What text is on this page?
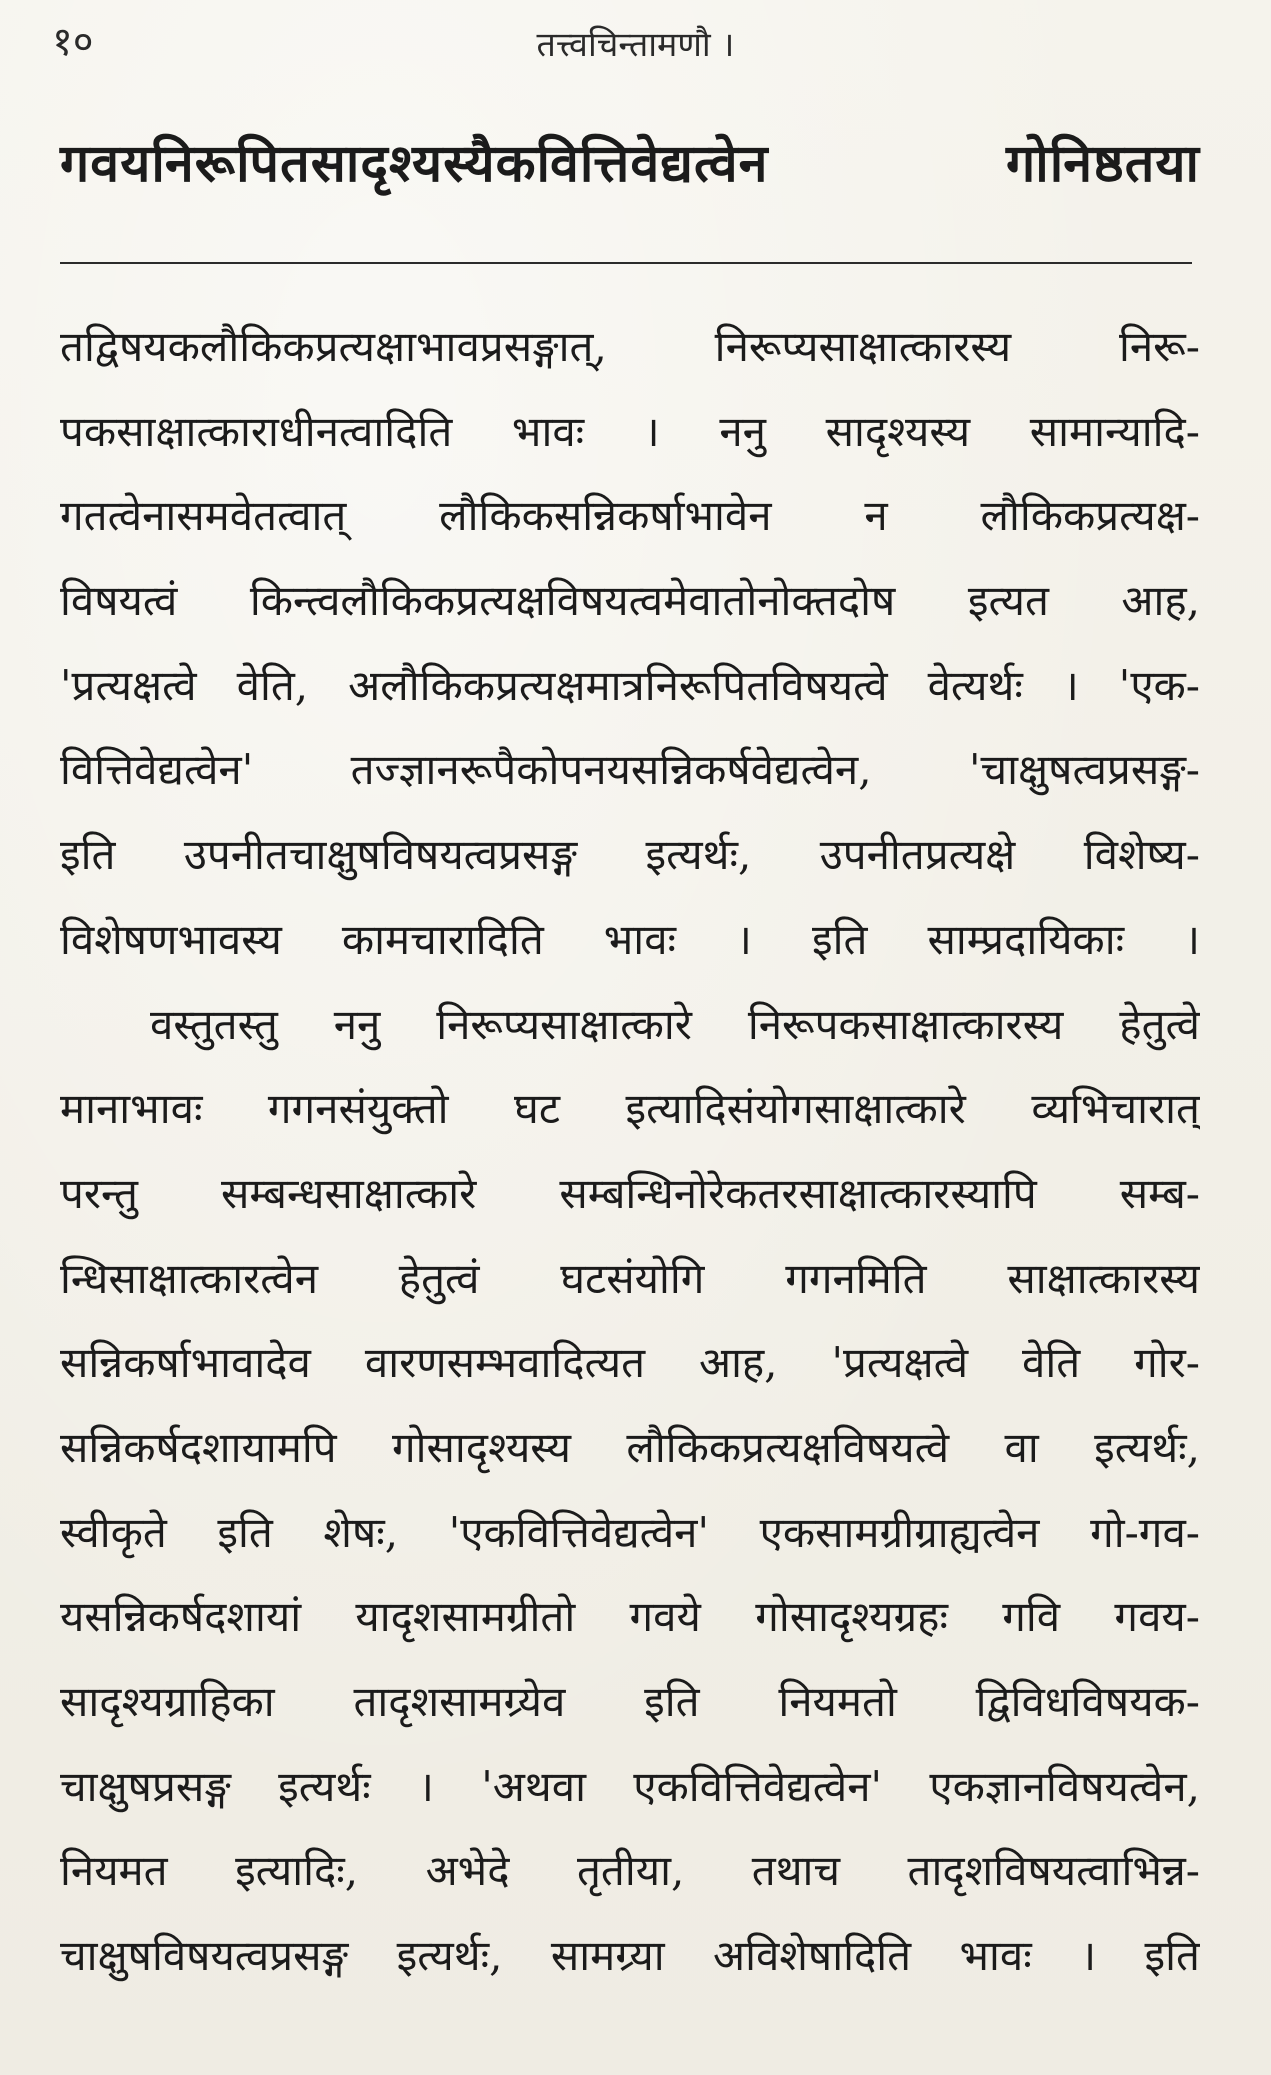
१०	तत्त्वचिन्तामणौ ।
गवयनिरूपितसादृश्यस्यैकवित्तिवेद्यत्वेन	गोनिष्ठतया
तद्विषयकलौकिकप्रत्यक्षाभावप्रसङ्गात्, निरूप्यसाक्षात्कारस्य निरू-
पकसाक्षात्काराधीनत्वादिति भावः । ननु सादृश्यस्य सामान्यादि-
गतत्वेनासमवेतत्वात् लौकिकसन्निकर्षाभावेन न लौकिकप्रत्यक्ष-
विषयत्वं किन्त्वलौकिकप्रत्यक्षविषयत्वमेवातोनोक्तदोष इत्यत आह,
'प्रत्यक्षत्वे वेति, अलौकिकप्रत्यक्षमात्रनिरूपितविषयत्वे वेत्यर्थः । 'एक-
वित्तिवेद्यत्वेन' तज्ज्ञानरूपैकोपनयसन्निकर्षवेद्यत्वेन, 'चाक्षुषत्वप्रसङ्ग-
इति उपनीतचाक्षुषविषयत्वप्रसङ्ग इत्यर्थः, उपनीतप्रत्यक्षे विशेष्य-
विशेषणभावस्य कामचारादिति भावः । इति साम्प्रदायिकाः ।
वस्तुतस्तु ननु निरूप्यसाक्षात्कारे निरूपकसाक्षात्कारस्य हेतुत्वे
मानाभावः गगनसंयुक्तो घट इत्यादिसंयोगसाक्षात्कारे व्यभिचारात्
परन्तु सम्बन्धसाक्षात्कारे सम्बन्धिनोरेकतरसाक्षात्कारस्यापि सम्ब-
न्धिसाक्षात्कारत्वेन हेतुत्वं घटसंयोगि गगनमिति साक्षात्कारस्य
सन्निकर्षाभावादेव वारणसम्भवादित्यत आह, 'प्रत्यक्षत्वे वेति गोर-
सन्निकर्षदशायामपि गोसादृश्यस्य लौकिकप्रत्यक्षविषयत्वे वा इत्यर्थः,
स्वीकृते इति शेषः, 'एकवित्तिवेद्यत्वेन' एकसामग्रीग्राह्यत्वेन गो-गव-
यसन्निकर्षदशायां यादृशसामग्रीतो गवये गोसादृश्यग्रहः गवि गवय-
सादृश्यग्राहिका तादृशसामग्र्येव इति नियमतो द्विविधविषयक-
चाक्षुषप्रसङ्ग इत्यर्थः । 'अथवा एकवित्तिवेद्यत्वेन' एकज्ञानविषयत्वेन,
नियमत इत्यादिः, अभेदे तृतीया, तथाच तादृशविषयत्वाभिन्न-
चाक्षुषविषयत्वप्रसङ्ग इत्यर्थः, सामग्र्या अविशेषादिति भावः । इति
